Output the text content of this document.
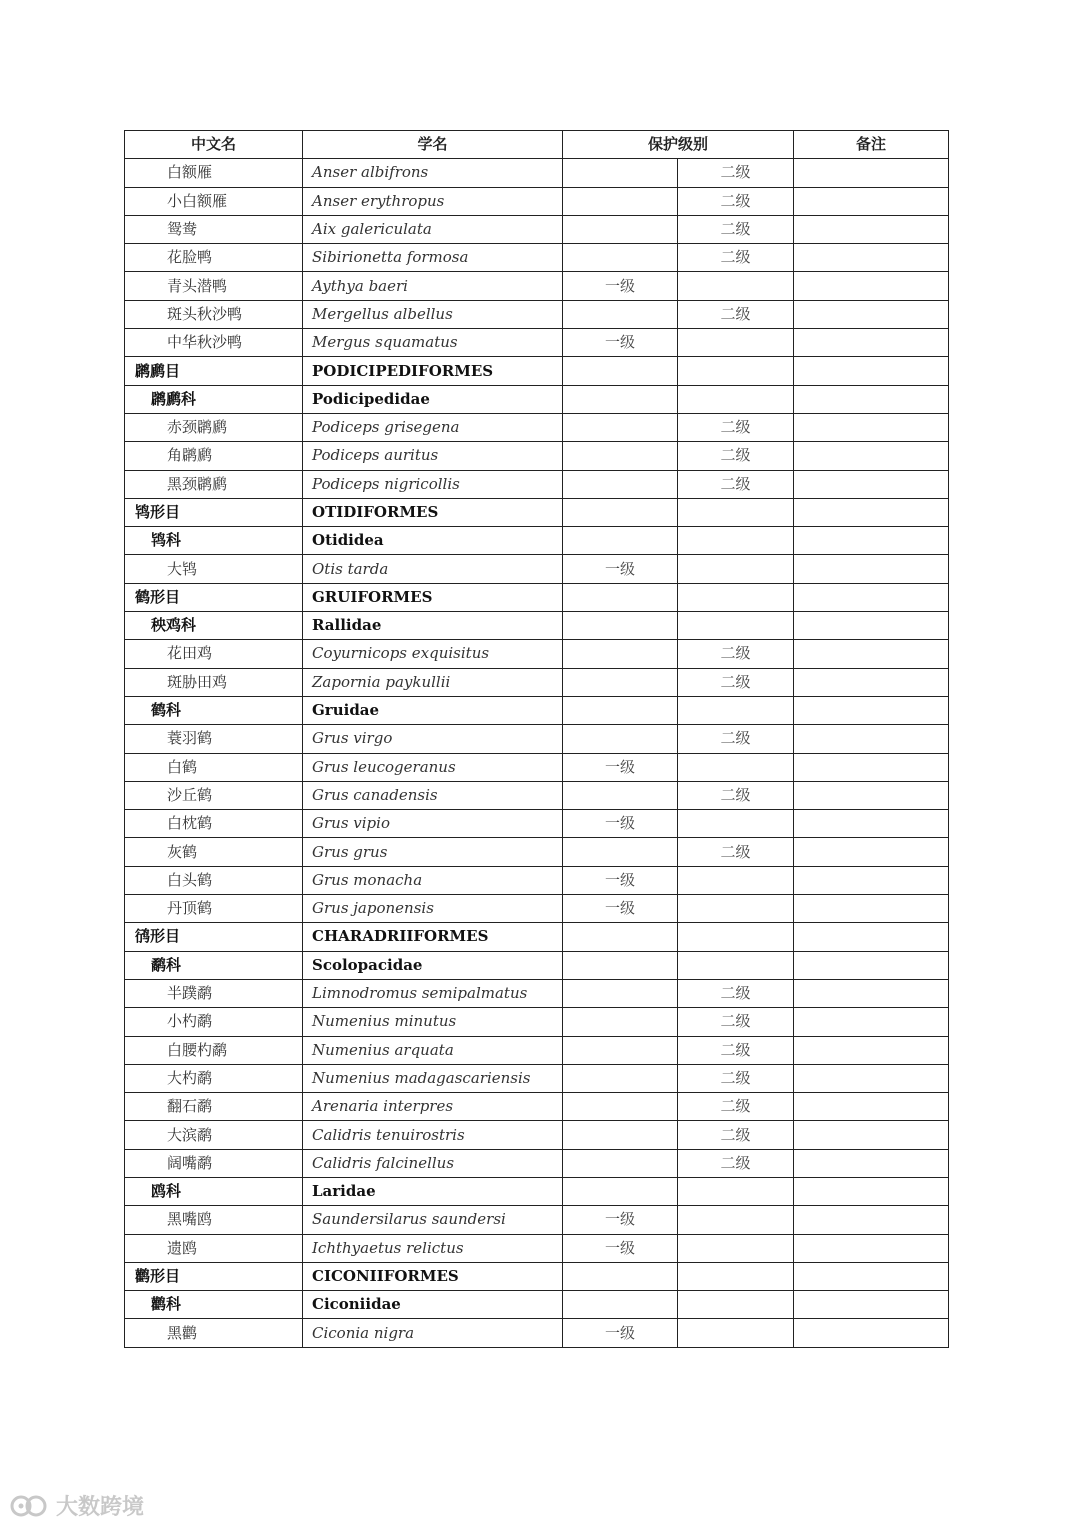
中文名	学名	保护级别		备注
白额雁	Anser albifrons		二级	
小白额雁	Anser erythropus		二级	
鸳鸯	Aix galericulata		二级	
花脸鸭	Sibirionetta formosa		二级	
青头潜鸭	Aythya baeri	一级		
斑头秋沙鸭	Mergellus albellus		二级	
中华秋沙鸭	Mergus squamatus	一级		
䴙䴘目	PODICIPEDIFORMES			
䴙䴘科	Podicipedidae			
赤颈䴙䴘	Podiceps grisegena		二级	
角䴙䴘	Podiceps auritus		二级	
黑颈䴙䴘	Podiceps nigricollis		二级	
鸨形目	OTIDIFORMES			
鸨科	Otididea			
大鸨	Otis tarda	一级		
鹤形目	GRUIFORMES			
秧鸡科	Rallidae			
花田鸡	Coyurnicops exquisitus		二级	
斑胁田鸡	Zapornia paykullii		二级	
鹤科	Gruidae			
蓑羽鹤	Grus virgo		二级	
白鹤	Grus leucogeranus	一级		
沙丘鹤	Grus canadensis		二级	
白枕鹤	Grus vipio	一级		
灰鹤	Grus grus		二级	
白头鹤	Grus monacha	一级		
丹顶鹤	Grus japonensis	一级		
鸻形目	CHARADRIIFORMES			
鹬科	Scolopacidae			
半蹼鹬	Limnodromus semipalmatus		二级	
小杓鹬	Numenius minutus		二级	
白腰杓鹬	Numenius arquata		二级	
大杓鹬	Numenius madagascariensis		二级	
翻石鹬	Arenaria interpres		二级	
大滨鹬	Calidris tenuirostris		二级	
阔嘴鹬	Calidris falcinellus		二级	
鸥科	Laridae			
黑嘴鸥	Saundersilarus saundersi	一级		
遗鸥	Ichthyaetus relictus	一级		
鹳形目	CICONIIFORMES			
鹳科	Ciconiidae			
黑鹳	Ciconia nigra	一级		
大数跨境
